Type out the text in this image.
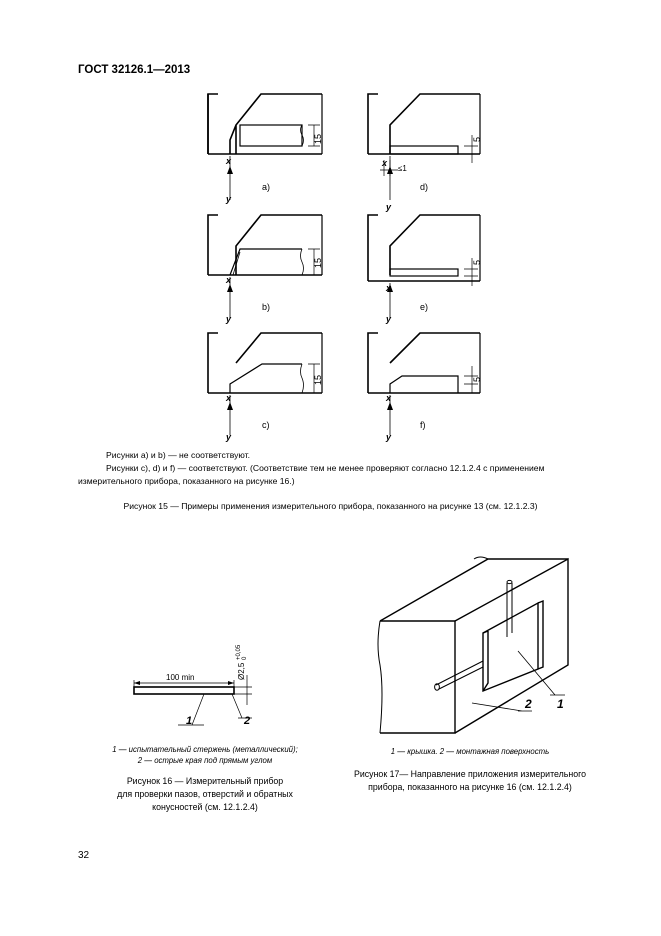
ГОСТ 32126.1—2013
x
y
x
y
x
y
x
y
x
y
x
y
a)
b)
c)
d)
e)
f)
≤1
15
15
15
5
5
5
Рисунки а) и b) — не соответствуют.
Рисунки с), d) и f) — соответствуют. (Соответствие тем не менее проверяют согласно 12.1.2.4 с применением
измерительного прибора, показанного на рисунке 16.)
Рисунок 15 — Примеры применения измерительного прибора, показанного на рисунке 13 (см. 12.1.2.3)
100 min	Ø2,5
+0,05 0
1	2
1 — испытательный стержень (металлический);
2 — острые края под прямым углом
Рисунок 16 — Измерительный прибор
для проверки пазов, отверстий и обратных
конусностей (см. 12.1.2.4)
1
2
1 — крышка. 2 — монтажная поверхность
Рисунок 17— Направление приложения измерительного
прибора, показанного на рисунке 16 (см. 12.1.2.4)
32
